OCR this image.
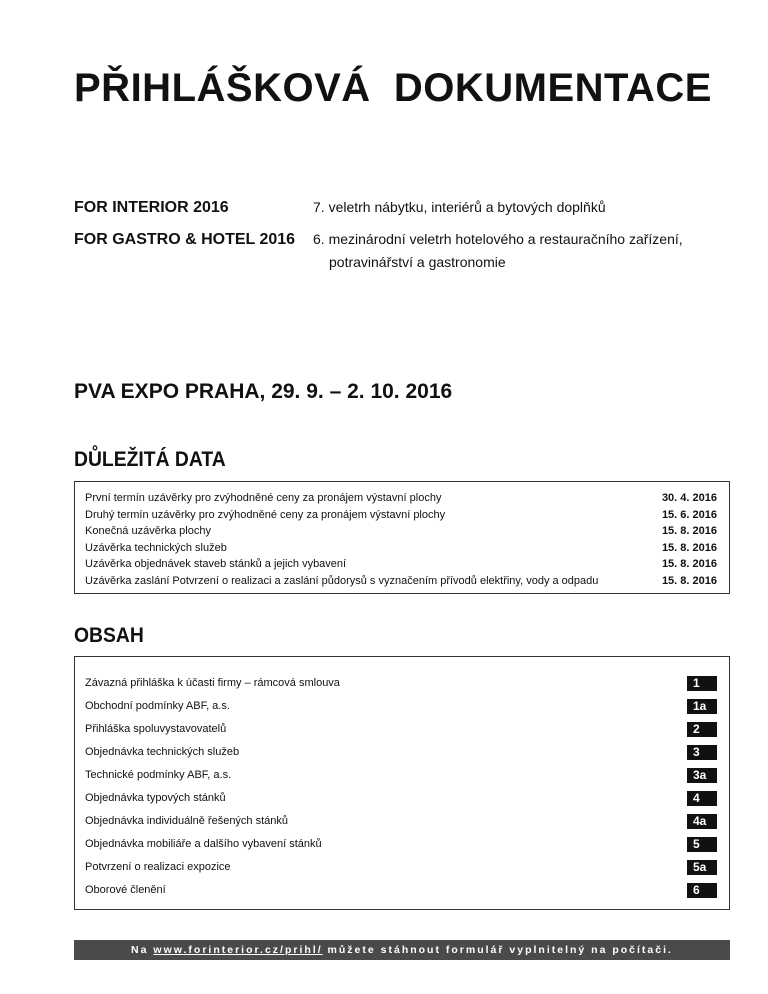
PŘIHLÁŠKOVÁ  DOKUMENTACE
FOR INTERIOR 2016	7. veletrh nábytku, interiérů a bytových doplňků
FOR GASTRO & HOTEL 2016 6. mezinárodní veletrh hotelového a restauračního zařízení,
potravinářství a gastronomie
PVA EXPO PRAHA, 29. 9. – 2. 10. 2016
DŮLEŽITÁ DATA
První termín uzávěrky pro zvýhodněné ceny za pronájem výstavní plochy	30. 4. 2016
Druhý termín uzávěrky pro zvýhodněné ceny za pronájem výstavní plochy	15. 6. 2016
Konečná uzávěrka plochy	15. 8. 2016
Uzávěrka technických služeb	15. 8. 2016
Uzávěrka objednávek staveb stánků a jejich vybavení	15. 8. 2016
Uzávěrka zaslání Potvrzení o realizaci a zaslání půdorysů s vyznačením přívodů elektřiny, vody a odpadu	15. 8. 2016
OBSAH
Závazná přihláška k účasti firmy – rámcová smlouva	1
Obchodní podmínky ABF, a.s.	1a
Přihláška spoluvystavovatelů	2
Objednávka technických služeb	3
Technické podmínky ABF, a.s.	3a
Objednávka typových stánků	4
Objednávka individuálně řešených stánků	4a
Objednávka mobiliáře a dalšího vybavení stánků	5
Potvrzení o realizaci expozice	5a
Oborové členění	6
Na www.forinterior.cz/prihl/ můžete stáhnout formulář vyplnitelný na počítači.
